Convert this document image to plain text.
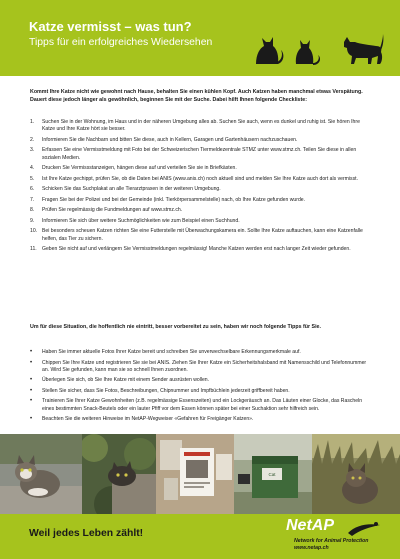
Katze vermisst – was tun?
Tipps für ein erfolgreiches Wiedersehen
Kommt Ihre Katze nicht wie gewohnt nach Hause, behalten Sie einen kühlen Kopf. Auch Katzen haben manchmal etwas Verspätung. Dauert diese jedoch länger als gewöhnlich, beginnen Sie mit der Suche. Dabei hilft Ihnen folgende Checkliste:
1.	Suchen Sie in der Wohnung, im Haus und in der näheren Umgebung alles ab. Suchen Sie auch, wenn es dunkel und ruhig ist. Sie hören Ihre Katze und Ihre Katze hört sie besser.
2.	Informieren Sie die Nachbarn und bitten Sie diese, auch in Kellern, Garagen und Gartenhäusern nachzuschauen.
3.	Erfassen Sie eine Vermisstmeldung mit Foto bei der Schweizerischen Tiermeldezentrale STMZ unter www.stmz.ch. Teilen Sie diese in allen sozialen Medien.
4.	Drucken Sie Vermissstanzeigen, hängen diese auf und verteilen Sie sie in Briefkästen.
5.	Ist Ihre Katze gechippt, prüfen Sie, ob die Daten bei ANIS (www.anis.ch) noch aktuell sind und melden Sie Ihre Katze auch dort als vermisst.
6.	Schicken Sie das Suchplakat an alle Tierarztpraxen in der weiteren Umgebung.
7.	Fragen Sie bei der Polizei und bei der Gemeinde (inkl. Tierkörpersammelstelle) nach, ob Ihre Katze gefunden wurde.
8.	Prüfen Sie regelmässig die Fundmeldungen auf www.stmz.ch.
9.	Informieren Sie sich über weitere Suchmöglichkeiten wie zum Beispiel einen Suchhund.
10. Bei besonders scheuen Katzen richten Sie eine Futterstelle mit Überwachungskamera ein. Sollte Ihre Katze auftauchen, kann eine Katzenfalle helfen, das Tier zu sichern.
11.	Geben Sie nicht auf und verlängern Sie Vermisstmeldungen regelmässig! Manche Katzen werden erst nach langer Zeit wieder gefunden.
Um für diese Situation, die hoffentlich nie eintritt, besser vorbereitet zu sein, haben wir noch folgende Tipps für Sie.
•	Haben Sie immer aktuelle Fotos Ihrer Katze bereit und schreiben Sie unverwechselbare Erkennungsmerkmale auf.
•	Chippen Sie Ihre Katze und registrieren Sie sie bei ANIS. Ziehen Sie Ihrer Katze ein Sicherheitshalsband mit Namensschild und Telefonnummer an. Wird Sie gefunden, kann man sie so schnell Ihnen zuordnen.
•	Überlegen Sie sich, ob Sie Ihre Katze mit einem Sender ausrüsten wollen.
•	Stellen Sie sicher, dass Sie Fotos, Beschreibungen, Chipnummer und Impfbüchlein jederzeit griffbereit haben.
•	Trainieren Sie Ihrer Katze Gewohnheiten (z.B. regelmässige Essenszeiten) und ein Lockgeräusch an. Das Läuten einer Glocke, das Rascheln eines bestimmten Snack-Beutels oder ein lauter Pfiff vor dem Essen können später bei einer Suchaktion sehr hilfreich sein.
•	Beachten Sie die weiteren Hinweise im NetAP-Wegweiser «Gefahren für Freigänger Katzen».
Cat
Weil jedes Leben zählt!	NetAP
Network for Animal Protection
www.netap.ch
